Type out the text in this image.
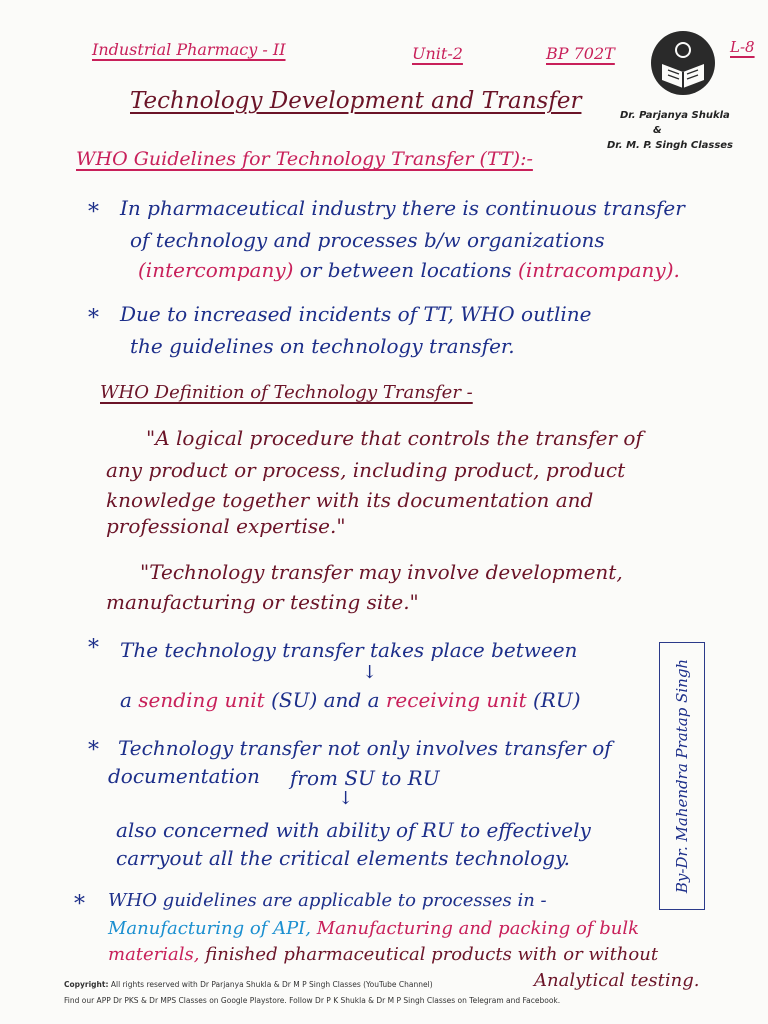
Industrial Pharmacy - II	Unit-2	BP 702T	L-8
Dr. Parjanya Shukla
&
Dr. M. P. Singh Classes
Technology Development and Transfer
WHO Guidelines for Technology Transfer (TT):-
* In pharmaceutical industry there is continuous transfer
of technology and processes b/w organizations
(intercompany) or between locations (intracompany).
* Due to increased incidents of TT, WHO outline
the guidelines on technology transfer.
WHO Definition of Technology Transfer -
"A logical procedure that controls the transfer of
any product or process, including product, product
knowledge together with its documentation and
professional expertise."
"Technology transfer may involve development,
manufacturing or testing site."
* The technology transfer takes place between
↓
a sending unit (SU) and a receiving unit (RU)
* Technology transfer not only involves transfer of
documentation from SU to RU
↓
also concerned with ability of RU to effectively
carryout all the critical elements technology.	By-Dr. Mahendra Pratap Singh
* WHO guidelines are applicable to processes in -
Manufacturing of API, Manufacturing and packing of bulk
materials, finished pharmaceutical products with or without
Analytical testing.
Copyright: All rights reserved with Dr Parjanya Shukla & Dr M P Singh Classes (YouTube Channel)
Find our APP Dr PKS & Dr MPS Classes on Google Playstore. Follow Dr P K Shukla & Dr M P Singh Classes on Telegram and Facebook.
